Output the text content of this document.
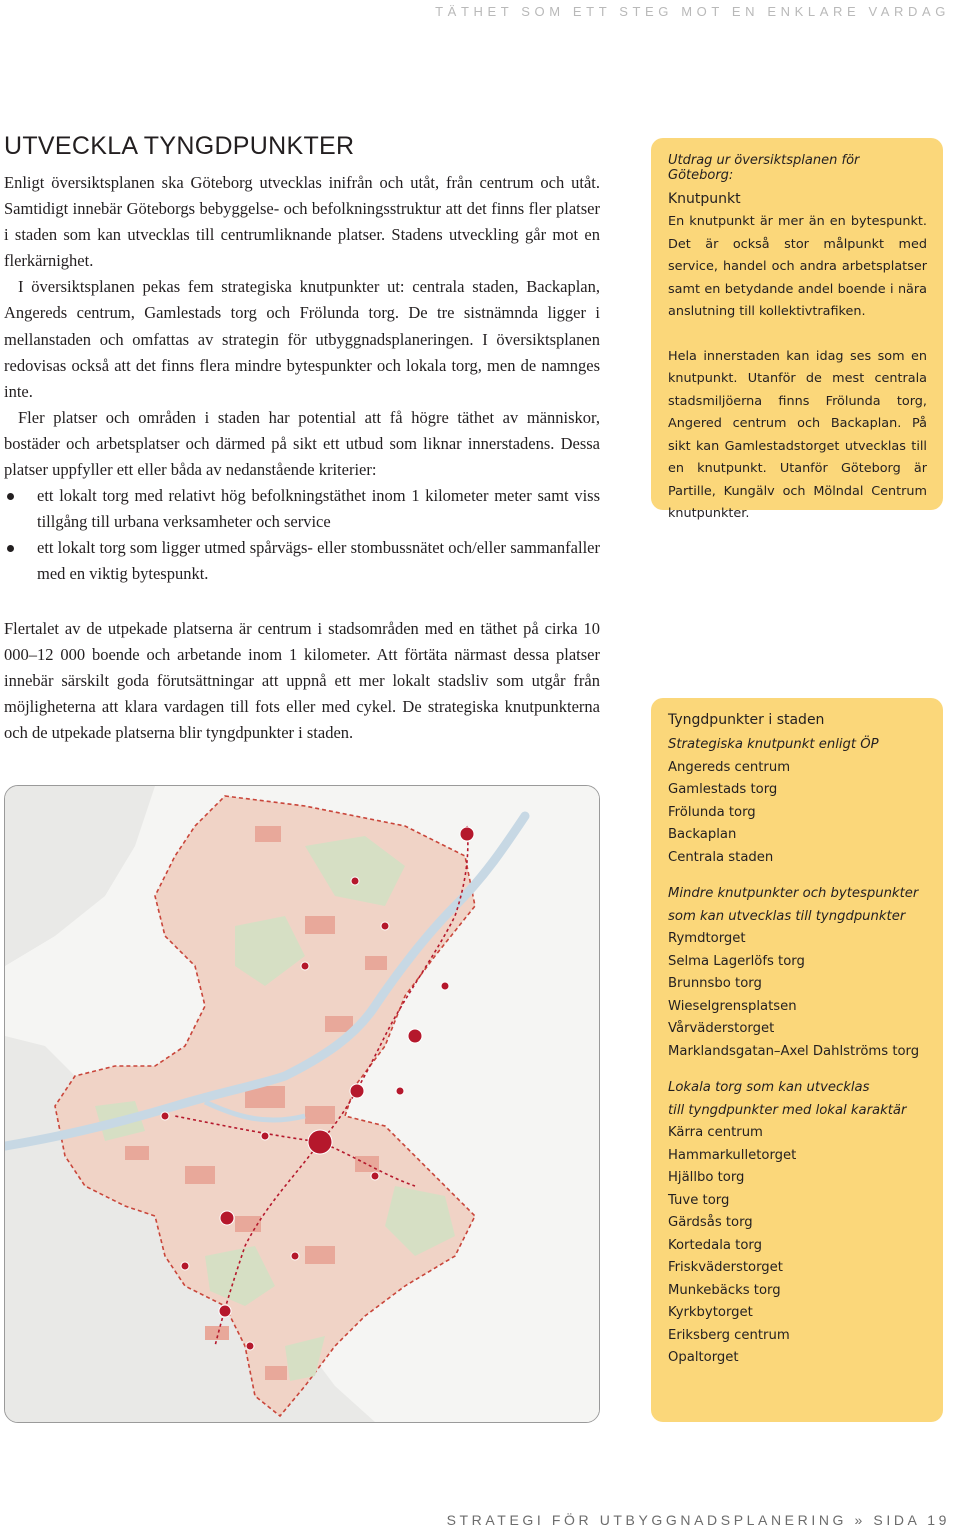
TÄTHET SOM ETT STEG MOT EN ENKLARE VARDAG
UTVECKLA TYNGDPUNKTER

Enligt översiktsplanen ska Göteborg utvecklas inifrån och utåt, från centrum och utåt. Samtidigt innebär Göteborgs bebyggelse- och befolkningsstruktur att det finns fler platser i staden som kan utvecklas till centrumliknande platser. Stadens utveckling går mot en flerkärnighet.

I översiktsplanen pekas fem strategiska knutpunkter ut: centrala staden, Backaplan, Angereds centrum, Gamlestads torg och Frölunda torg. De tre sistnämnda ligger i mellanstaden och omfattas av strategin för utbyggnadsplaneringen. I översiktsplanen redovisas också att det finns flera mindre bytespunkter och lokala torg, men de namnges inte.

Fler platser och områden i staden har potential att få högre täthet av människor, bostäder och arbetsplatser och därmed på sikt ett utbud som liknar innerstadens. Dessa platser uppfyller ett eller båda av nedanstående kriterier:

ett lokalt torg med relativt hög befolkningstäthet inom 1 kilometer meter samt viss tillgång till urbana verksamheter och service
ett lokalt torg som ligger utmed spårvägs- eller stombussnätet och/eller sammanfaller med en viktig bytespunkt.

Flertalet av de utpekade platserna är centrum i stadsområden med en täthet på cirka 10 000–12 000 boende och arbetande inom 1 kilometer. Att förtäta närmast dessa platser innebär särskilt goda förutsättningar att uppnå ett mer lokalt stadsliv som utgår från möjligheterna att klara vardagen till fots eller med cykel. De strategiska knutpunkterna och de utpekade platserna blir tyngdpunkter i staden.

Utdrag ur översiktsplanen för Göteborg:

Knutpunkt

En knutpunkt är mer än en bytespunkt. Det är också stor målpunkt med service, handel och andra arbetsplatser samt en betydande andel boende i nära anslutning till kollektivtrafiken.

Hela innerstaden kan idag ses som en knutpunkt. Utanför de mest centrala stadsmiljöerna finns Frölunda torg, Angered centrum och Backaplan. På sikt kan Gamlestadstorget utvecklas till en knutpunkt. Utanför Göteborg är Partille, Kungälv och Mölndal Centrum knutpunkter.

Tyngdpunkter i staden

Strategiska knutpunkt enligt ÖP

Angereds centrum
Gamlestads torg
Frölunda torg
Backaplan
Centrala staden

Mindre knutpunkter och bytespunkter

som kan utvecklas till tyngdpunkter

Rymdtorget
Selma Lagerlöfs torg
Brunnsbo torg
Wieselgrensplatsen
Vårväderstorget
Marklandsgatan–Axel Dahlströms torg

Lokala torg som kan utvecklas

till tyngdpunkter med lokal karaktär

Kärra centrum
Hammarkulletorget
Hjällbo torg
Tuve torg
Gärdsås torg
Kortedala torg
Friskväderstorget
Munkebäcks torg
Kyrkbytorget
Eriksberg centrum
Opaltorget
STRATEGI FÖR UTBYGGNADSPLANERING » SIDA 19
